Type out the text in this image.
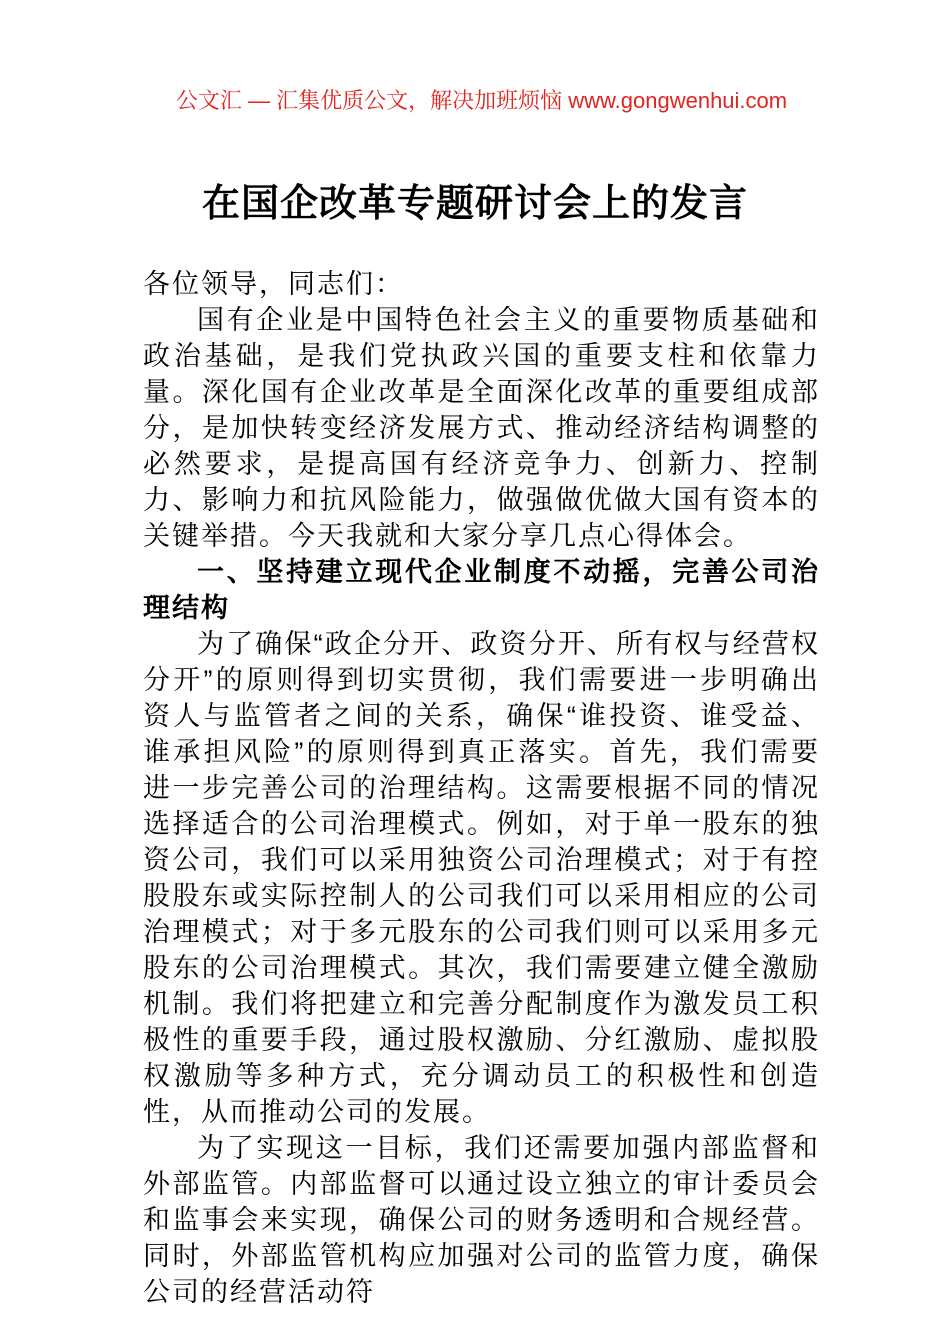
公文汇 — 汇集优质公文，解决加班烦恼 www.gongwenhui.com
在国企改革专题研讨会上的发言

各位领导，同志们：

国有企业是中国特色社会主义的重要物质基础和政治基础，是我们党执政兴国的重要支柱和依靠力量。深化国有企业改革是全面深化改革的重要组成部分，是加快转变经济发展方式、推动经济结构调整的必然要求，是提高国有经济竞争力、创新力、控制力、影响力和抗风险能力，做强做优做大国有资本的关键举措。今天我就和大家分享几点心得体会。

一、坚持建立现代企业制度不动摇，完善公司治理结构

为了确保“政企分开、政资分开、所有权与经营权分开”的原则得到切实贯彻，我们需要进一步明确出资人与监管者之间的关系，确保“谁投资、谁受益、谁承担风险”的原则得到真正落实。首先，我们需要进一步完善公司的治理结构。这需要根据不同的情况选择适合的公司治理模式。例如，对于单一股东的独资公司，我们可以采用独资公司治理模式；对于有控股股东或实际控制人的公司我们可以采用相应的公司治理模式；对于多元股东的公司我们则可以采用多元股东的公司治理模式。其次，我们需要建立健全激励机制。我们将把建立和完善分配制度作为激发员工积极性的重要手段，通过股权激励、分红激励、虚拟股权激励等多种方式，充分调动员工的积极性和创造性，从而推动公司的发展。

为了实现这一目标，我们还需要加强内部监督和外部监管。内部监督可以通过设立独立的审计委员会和监事会来实现，确保公司的财务透明和合规经营。同时，外部监管机构应加强对公司的监管力度，确保公司的经营活动符
